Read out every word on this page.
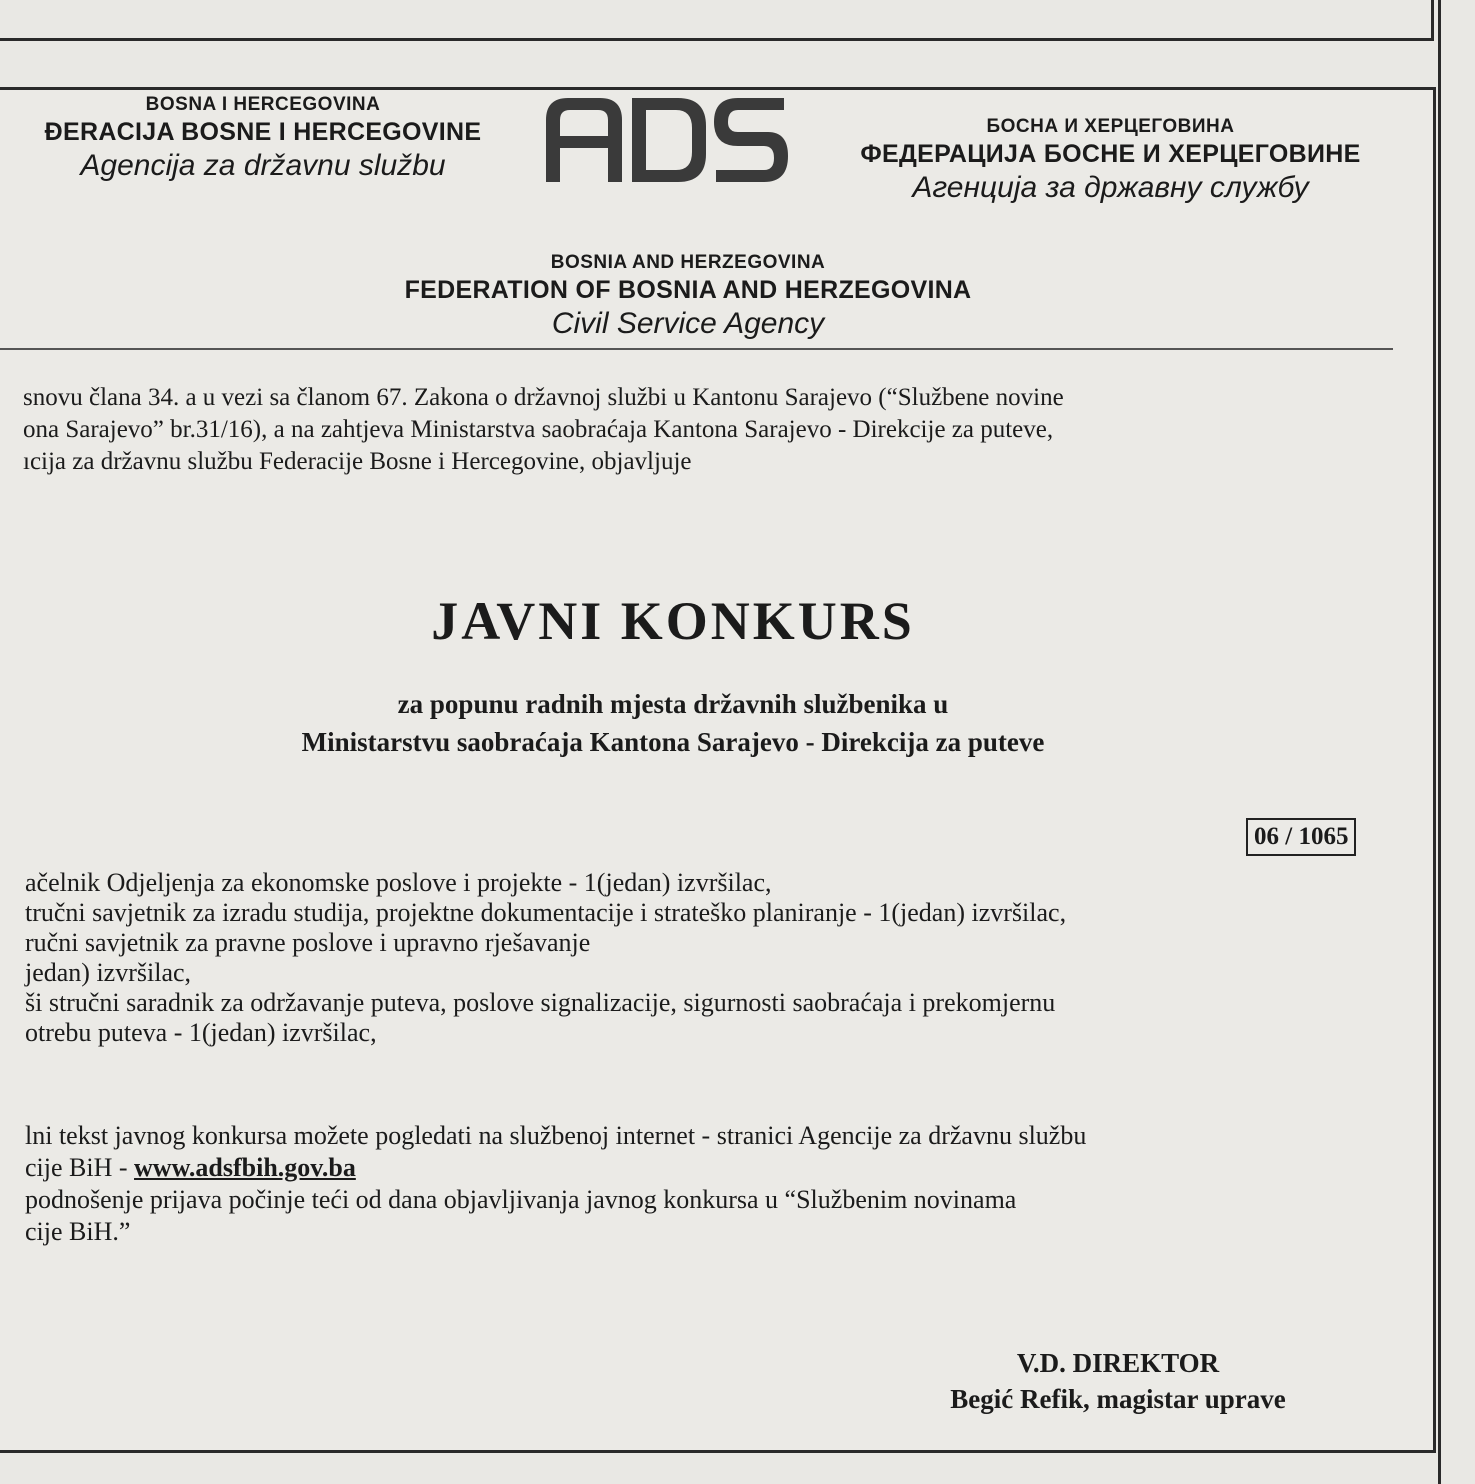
BOSNA I HERCEGOVINA
ĐERACIJA BOSNE I HERCEGOVINE
Agencija za državnu službu
БОСНА И ХЕРЦЕГОВИНА
ФЕДЕРАЦИЈА БОСНЕ И ХЕРЦЕГОВИНЕ
Агенција за државну службу
BOSNIA AND HERZEGOVINA
FEDERATION OF BOSNIA AND HERZEGOVINA
Civil Service Agency
snovu člana 34. a u vezi sa članom 67. Zakona o državnoj službi u Kantonu Sarajevo (“Službene novine
ona Sarajevo” br.31/16), a na zahtjeva Ministarstva saobraćaja Kantona Sarajevo - Direkcije za puteve,
ıcija za državnu službu Federacije Bosne i Hercegovine, objavljuje
JAVNI KONKURS
za popunu radnih mjesta državnih službenika u
Ministarstvu saobraćaja Kantona Sarajevo - Direkcija za puteve
06 / 1065
ačelnik Odjeljenja za ekonomske poslove i projekte - 1(jedan) izvršilac,
tručni savjetnik za izradu studija, projektne dokumentacije i strateško planiranje - 1(jedan) izvršilac,
ručni savjetnik za pravne poslove i upravno rješavanje
jedan) izvršilac,
ši stručni saradnik za održavanje puteva, poslove signalizacije, sigurnosti saobraćaja i prekomjernu
otrebu puteva - 1(jedan) izvršilac,
lni tekst javnog konkursa možete pogledati na službenoj internet - stranici Agencije za državnu službu
cije BiH - www.adsfbih.gov.ba
podnošenje prijava počinje teći od dana objavljivanja javnog konkursa u “Službenim novinama
cije BiH.”
V.D. DIREKTOR
Begić Refik, magistar uprave
